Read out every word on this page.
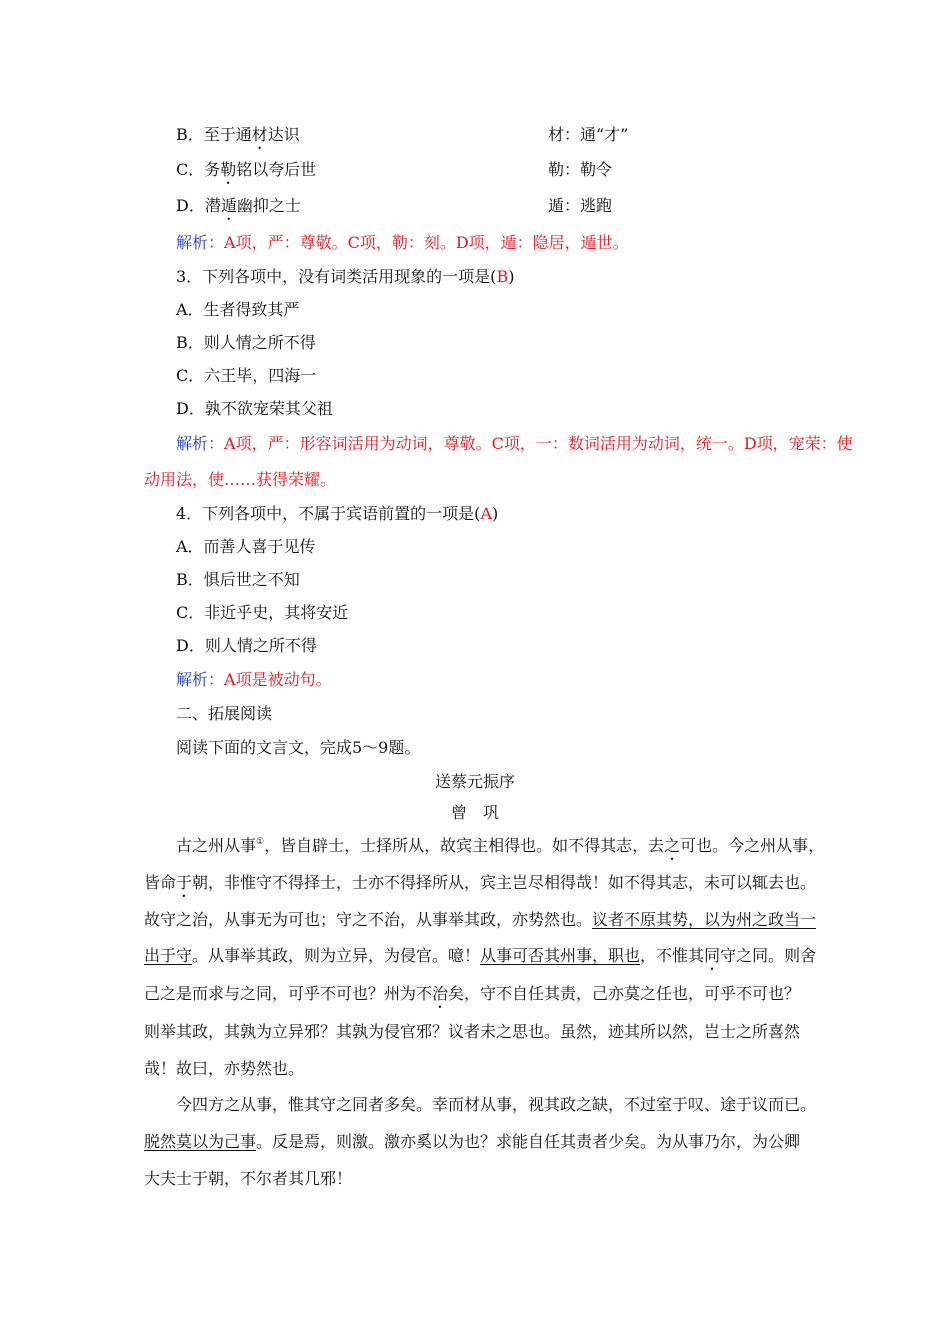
B．至于通材达识	材：通“才”
C．务勒铭以夸后世	勒：勒令
D．潜遁幽抑之士	遁：逃跑
解析：A项，严：尊敬。C项，勒：刻。D项，遁：隐居，遁世。
3．下列各项中，没有词类活用现象的一项是(B)
A．生者得致其严
B．则人情之所不得
C．六王毕，四海一
D．孰不欲宠荣其父祖
解析：A项，严：形容词活用为动词，尊敬。C项，一：数词活用为动词，统一。D项，宠荣：使
动用法，使……获得荣耀。
4．下列各项中，不属于宾语前置的一项是(A)
A．而善人喜于见传
B．惧后世之不知
C．非近乎史，其将安近
D．则人情之所不得
解析：A项是被动句。
二、拓展阅读
阅读下面的文言文，完成5～9题。
送蔡元振序
曾　巩
古之州从事①，皆自辟士，士择所从，故宾主相得也。如不得其志，去之可也。今之州从事，
皆命于朝，非惟守不得择士，士亦不得择所从，宾主岂尽相得哉！如不得其志，未可以辄去也。
故守之治，从事无为可也；守之不治，从事举其政，亦势然也。议者不原其势，以为州之政当一
出于守。从事举其政，则为立异，为侵官。噫！从事可否其州事，职也，不惟其同守之同。则舍
己之是而求与之同，可乎不可也？州为不治矣，守不自任其责，己亦莫之任也，可乎不可也？
则举其政，其孰为立异邪？其孰为侵官邪？议者未之思也。虽然，迹其所以然，岂士之所喜然
哉！故曰，亦势然也。
今四方之从事，惟其守之同者多矣。幸而材从事，视其政之缺，不过室于叹、途于议而已。
脱然莫以为己事。反是焉，则激。激亦奚以为也？求能自任其责者少矣。为从事乃尔，为公卿
大夫士于朝，不尔者其几邪！
